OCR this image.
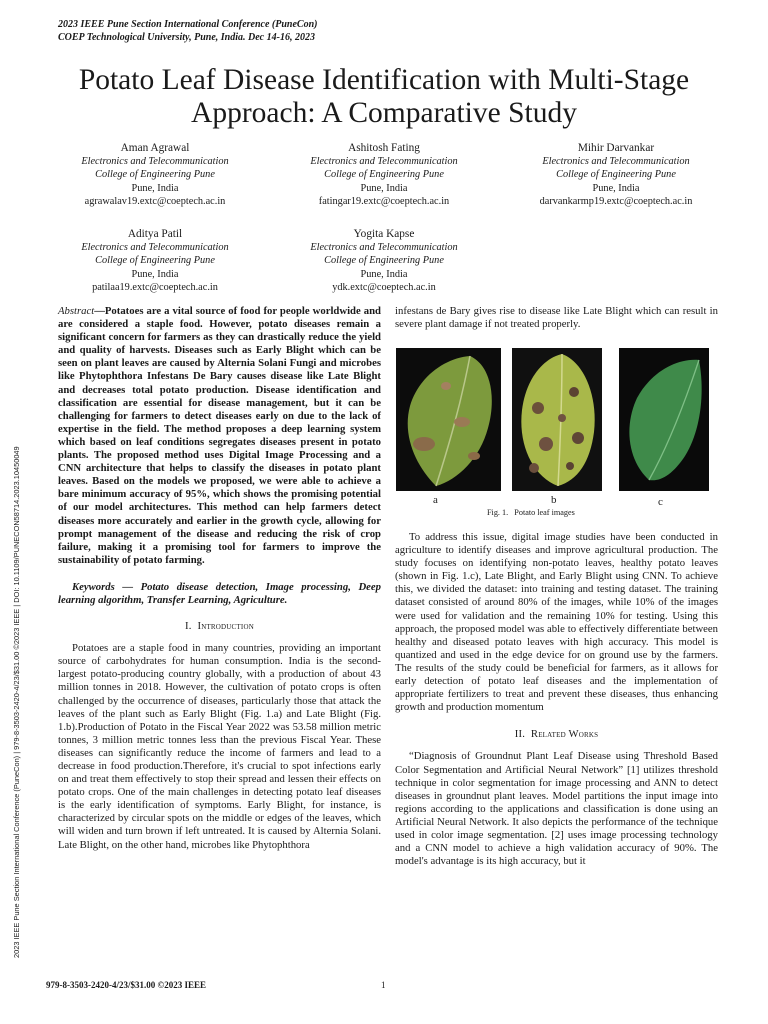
2023 IEEE Pune Section International Conference (PuneCon)
COEP Technological University, Pune, India. Dec 14-16, 2023
Potato Leaf Disease Identification with Multi-Stage
Approach: A Comparative Study
Aman Agrawal
Electronics and Telecommunication
College of Engineering Pune
Pune, India
agrawalav19.extc@coeptech.ac.in
Ashitosh Fating
Electronics and Telecommunication
College of Engineering Pune
Pune, India
fatingar19.extc@coeptech.ac.in
Mihir Darvankar
Electronics and Telecommunication
College of Engineering Pune
Pune, India
darvankarmp19.extc@coeptech.ac.in
Aditya Patil
Electronics and Telecommunication
College of Engineering Pune
Pune, India
patilaa19.extc@coeptech.ac.in
Yogita Kapse
Electronics and Telecommunication
College of Engineering Pune
Pune, India
ydk.extc@coeptech.ac.in
2023 IEEE Pune Section International Conference (PuneCon) | 979-8-3503-2420-4/23/$31.00 ©2023 IEEE | DOI: 10.1109/PUNECON58714.2023.10450049

Abstract—Potatoes are a vital source of food for people worldwide and are considered a staple food. However, potato diseases remain a significant concern for farmers as they can drastically reduce the yield and quality of harvests. Diseases such as Early Blight which can be seen on plant leaves are caused by Alternia Solani Fungi and microbes like Phytophthora Infestans De Bary causes disease like Late Blight and decreases total potato production. Disease identification and classification are essential for disease management, but it can be challenging for farmers to detect diseases early on due to the lack of expertise in the field. The method proposes a deep learning system which based on leaf conditions segregates diseases present in potato plants. The proposed method uses Digital Image Processing and a CNN architecture that helps to classify the diseases in potato plant leaves. Based on the models we proposed, we were able to achieve a bare minimum accuracy of 95%, which shows the promising potential of our model architectures. This method can help farmers detect diseases more accurately and earlier in the growth cycle, allowing for prompt management of the disease and reducing the risk of crop failure, making it a promising tool for farmers to improve the sustainability of potato farming.

Keywords — Potato disease detection, Image processing, Deep learning algorithm, Transfer Learning, Agriculture.

I. Introduction

Potatoes are a staple food in many countries, providing an important source of carbohydrates for human consumption. India is the second-largest potato-producing country globally, with a production of about 43 million tonnes in 2018. However, the cultivation of potato crops is often challenged by the occurrence of diseases, particularly those that attack the leaves of the plant such as Early Blight (Fig. 1.a) and Late Blight (Fig. 1.b).Production of Potato in the Fiscal Year 2022 was 53.58 million metric tonnes, 3 million metric tonnes less than the previous Fiscal Year. These diseases can significantly reduce the income of farmers and lead to a decrease in food production.Therefore, it's crucial to spot infections early on and treat them effectively to stop their spread and lessen their effects on potato crops. One of the main challenges in detecting potato leaf diseases is the early identification of symptoms. Early Blight, for instance, is characterized by circular spots on the middle or edges of the leaves, which will widen and turn brown if left untreated. It is caused by Alternia Solani. Late Blight, on the other hand, microbes like Phytophthora

infestans de Bary gives rise to disease like Late Blight which can result in severe plant damage if not treated properly.

a	b	c
Fig. 1.   Potato leaf images

To address this issue, digital image studies have been conducted in agriculture to identify diseases and improve agricultural production. The study focuses on identifying non-potato leaves, healthy potato leaves (shown in Fig. 1.c), Late Blight, and Early Blight using CNN. To achieve this, we divided the dataset: into training and testing dataset. The training dataset consisted of around 80% of the images, while 10% of the images were used for validation and the remaining 10% for testing. Using this approach, the proposed model was able to effectively differentiate between healthy and diseased potato leaves with high accuracy. This model is quantized and used in the edge device for on ground use by the farmers. The results of the study could be beneficial for farmers, as it allows for early detection of potato leaf diseases and the implementation of appropriate fertilizers to treat and prevent these diseases, thus enhancing growth and production momentum

II. Related Works

“Diagnosis of Groundnut Plant Leaf Disease using Threshold Based Color Segmentation and Artificial Neural Network” [1] utilizes threshold technique in color segmentation for image processing and ANN to detect diseases in groundnut plant leaves. Model partitions the input image into regions according to the applications and classification is done using an Artificial Neural Network. It also depicts the performance of the technique used in color image segmentation. [2] uses image processing technology and a CNN model to achieve a high validation accuracy of 90%. The model's advantage is its high accuracy, but it

979-8-3503-2420-4/23/$31.00 ©2023 IEEE	1
